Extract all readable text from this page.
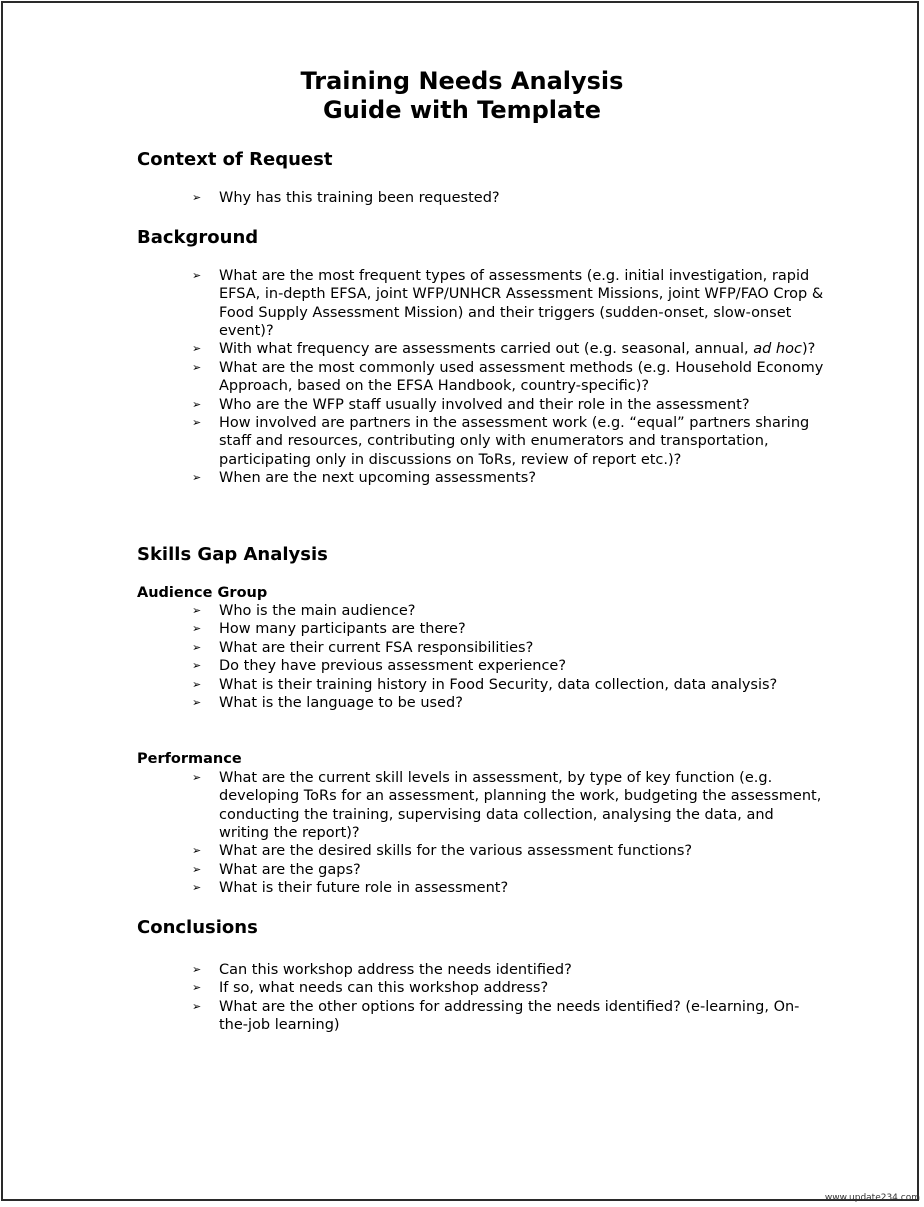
Training Needs Analysis
Guide with Template
Context of Request
➢ Why has this training been requested?
Background
➢ What are the most frequent types of assessments (e.g. initial investigation, rapid EFSA, in-depth EFSA, joint WFP/UNHCR Assessment Missions, joint WFP/FAO Crop & Food Supply Assessment Mission) and their triggers (sudden-onset, slow-onset event)?
➢ With what frequency are assessments carried out (e.g. seasonal, annual, ad hoc)?
➢ What are the most commonly used assessment methods (e.g. Household Economy Approach, based on the EFSA Handbook, country-specific)?
➢ Who are the WFP staff usually involved and their role in the assessment?
➢ How involved are partners in the assessment work (e.g. “equal” partners sharing staff and resources, contributing only with enumerators and transportation, participating only in discussions on ToRs, review of report etc.)?
➢ When are the next upcoming assessments?
Skills Gap Analysis
Audience Group
➢ Who is the main audience?
➢ How many participants are there?
➢ What are their current FSA responsibilities?
➢ Do they have previous assessment experience?
➢ What is their training history in Food Security, data collection, data analysis?
➢ What is the language to be used?
Performance
➢ What are the current skill levels in assessment, by type of key function (e.g. developing ToRs for an assessment, planning the work, budgeting the assessment, conducting the training, supervising data collection, analysing the data, and writing the report)?
➢ What are the desired skills for the various assessment functions?
➢ What are the gaps?
➢ What is their future role in assessment?
Conclusions
➢ Can this workshop address the needs identified?
➢ If so, what needs can this workshop address?
➢ What are the other options for addressing the needs identified? (e-learning, On-the-job learning)
www.update234.com
